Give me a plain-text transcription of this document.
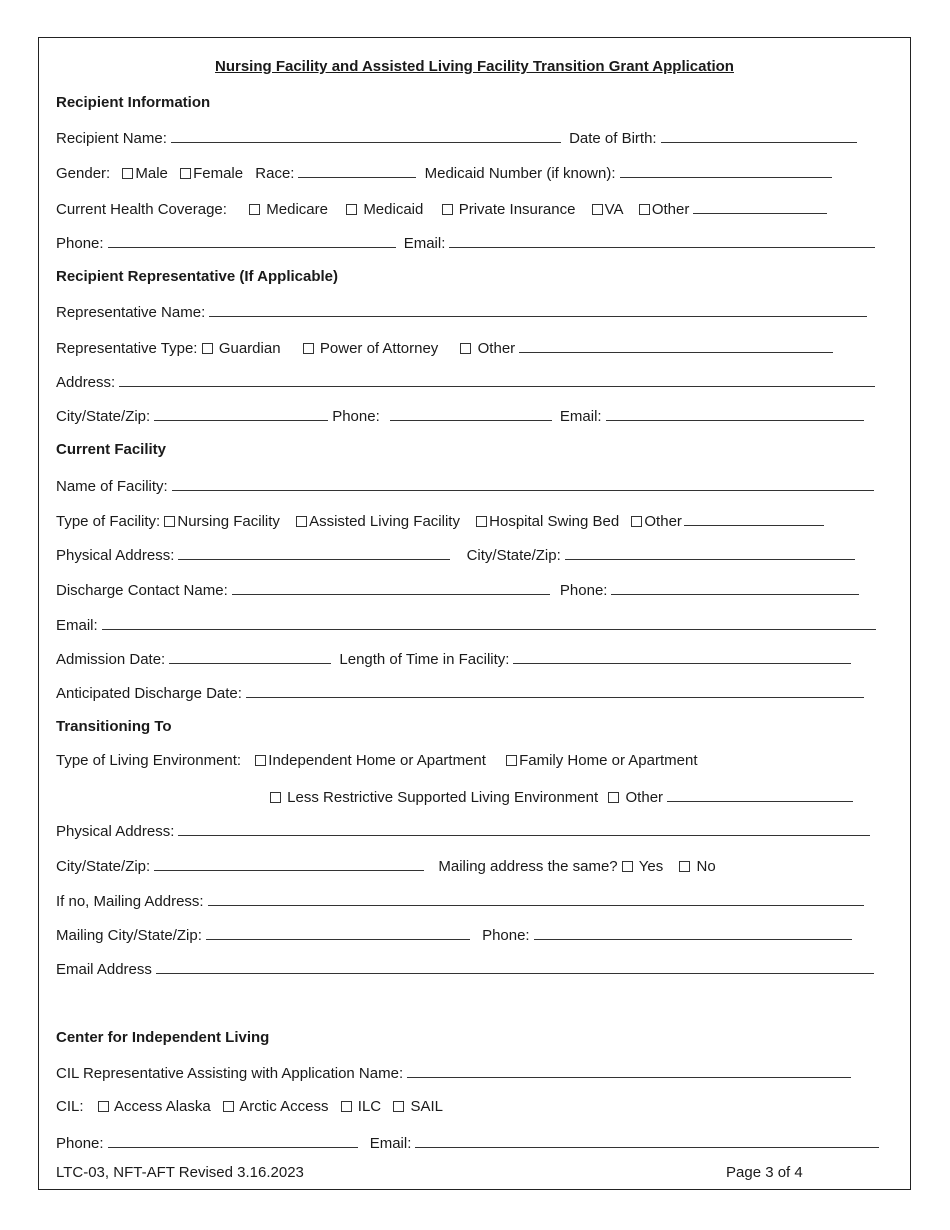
Nursing Facility and Assisted Living Facility Transition Grant Application
Recipient Information
Recipient Name:	Date of Birth:
Gender: Male Female Race:	Medicaid Number (if known):
Current Health Coverage:	Medicare Medicaid Private Insurance VA Other
Phone:	Email:
Recipient Representative (If Applicable)
Representative Name:
Representative Type: Guardian	Power of Attorney	Other
Address:
City/State/Zip:	Phone:	Email:
Current Facility
Name of Facility:
Type of Facility: Nursing Facility Assisted Living Facility Hospital Swing Bed Other
Physical Address:	City/State/Zip:
Discharge Contact Name:	Phone:
Email:
Admission Date:	Length of Time in Facility:
Anticipated Discharge Date:
Transitioning To
Type of Living Environment: Independent Home or Apartment Family Home or Apartment
Less Restrictive Supported Living Environment Other
Physical Address:
City/State/Zip:	Mailing address the same? Yes No
If no, Mailing Address:
Mailing City/State/Zip:	Phone:
Email Address
Center for Independent Living
CIL Representative Assisting with Application Name:
CIL: Access Alaska Arctic Access ILC SAIL
Phone:	Email:
LTC-03, NFT-AFT Revised 3.16.2023	Page 3 of 4
